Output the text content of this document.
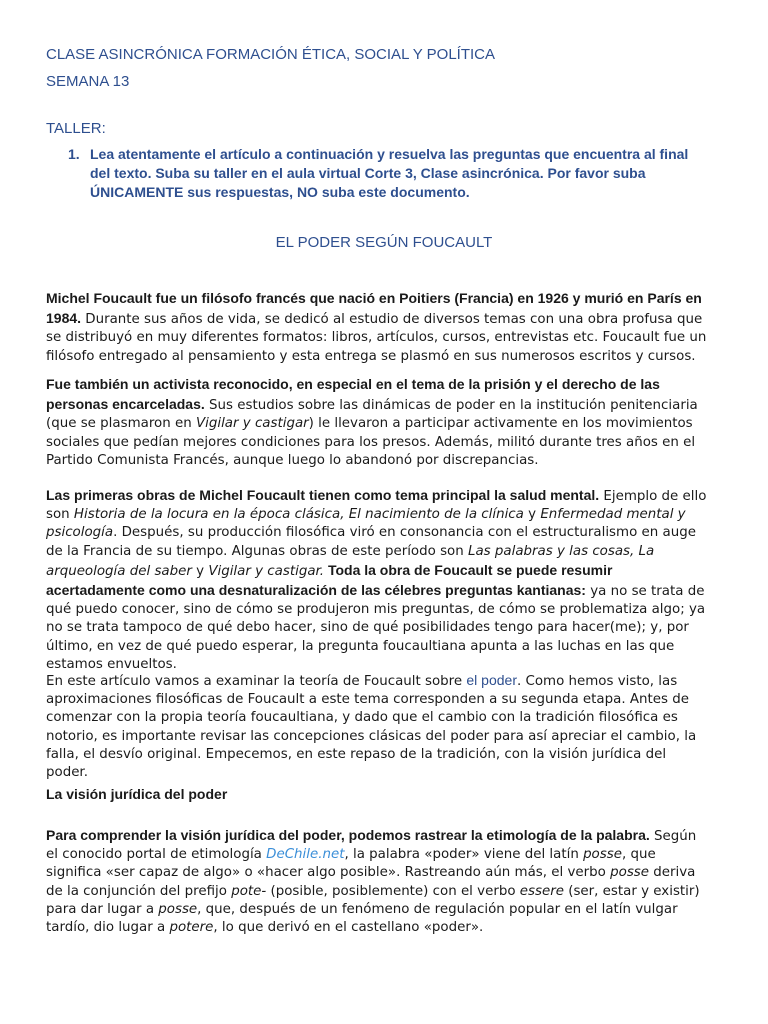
CLASE ASINCRÓNICA FORMACIÓN ÉTICA, SOCIAL Y POLÍTICA
SEMANA 13
TALLER:
1. Lea atentamente el artículo a continuación y resuelva las preguntas que encuentra al final del texto. Suba su taller en el aula virtual Corte 3, Clase asincrónica. Por favor suba ÚNICAMENTE sus respuestas, NO suba este documento.
EL PODER SEGÚN FOUCAULT

Michel Foucault fue un filósofo francés que nació en Poitiers (Francia) en 1926 y murió en París en
1984. Durante sus años de vida, se dedicó al estudio de diversos temas con una obra profusa que se distribuyó en muy diferentes formatos: libros, artículos, cursos, entrevistas etc. Foucault fue un filósofo entregado al pensamiento y esta entrega se plasmó en sus numerosos escritos y cursos.

Fue también un activista reconocido, en especial en el tema de la prisión y el derecho de las personas encarceladas. Sus estudios sobre las dinámicas de poder en la institución penitenciaria (que se plasmaron en Vigilar y castigar) le llevaron a participar activamente en los movimientos sociales que pedían mejores condiciones para los presos. Además, militó durante tres años en el Partido Comunista Francés, aunque luego lo abandonó por discrepancias.

Las primeras obras de Michel Foucault tienen como tema principal la salud mental. Ejemplo de ello son Historia de la locura en la época clásica, El nacimiento de la clínica y Enfermedad mental y psicología. Después, su producción filosófica viró en consonancia con el estructuralismo en auge de la Francia de su tiempo. Algunas obras de este período son Las palabras y las cosas, La arqueología del saber y Vigilar y castigar. Toda la obra de Foucault se puede resumir acertadamente como una desnaturalización de las célebres preguntas kantianas: ya no se trata de qué puedo conocer, sino de cómo se produjeron mis preguntas, de cómo se problematiza algo; ya no se trata tampoco de qué debo hacer, sino de qué posibilidades tengo para hacer(me); y, por último, en vez de qué puedo esperar, la pregunta foucaultiana apunta a las luchas en las que estamos envueltos.

En este artículo vamos a examinar la teoría de Foucault sobre el poder. Como hemos visto, las aproximaciones filosóficas de Foucault a este tema corresponden a su segunda etapa. Antes de comenzar con la propia teoría foucaultiana, y dado que el cambio con la tradición filosófica es notorio, es importante revisar las concepciones clásicas del poder para así apreciar el cambio, la falla, el desvío original. Empecemos, en este repaso de la tradición, con la visión jurídica del poder.

La visión jurídica del poder

Para comprender la visión jurídica del poder, podemos rastrear la etimología de la palabra. Según el conocido portal de etimología DeChile.net, la palabra «poder» viene del latín posse, que significa «ser capaz de algo» o «hacer algo posible». Rastreando aún más, el verbo posse deriva de la conjunción del prefijo pote- (posible, posiblemente) con el verbo essere (ser, estar y existir) para dar lugar a posse, que, después de un fenómeno de regulación popular en el latín vulgar tardío, dio lugar a potere, lo que derivó en el castellano «poder».
